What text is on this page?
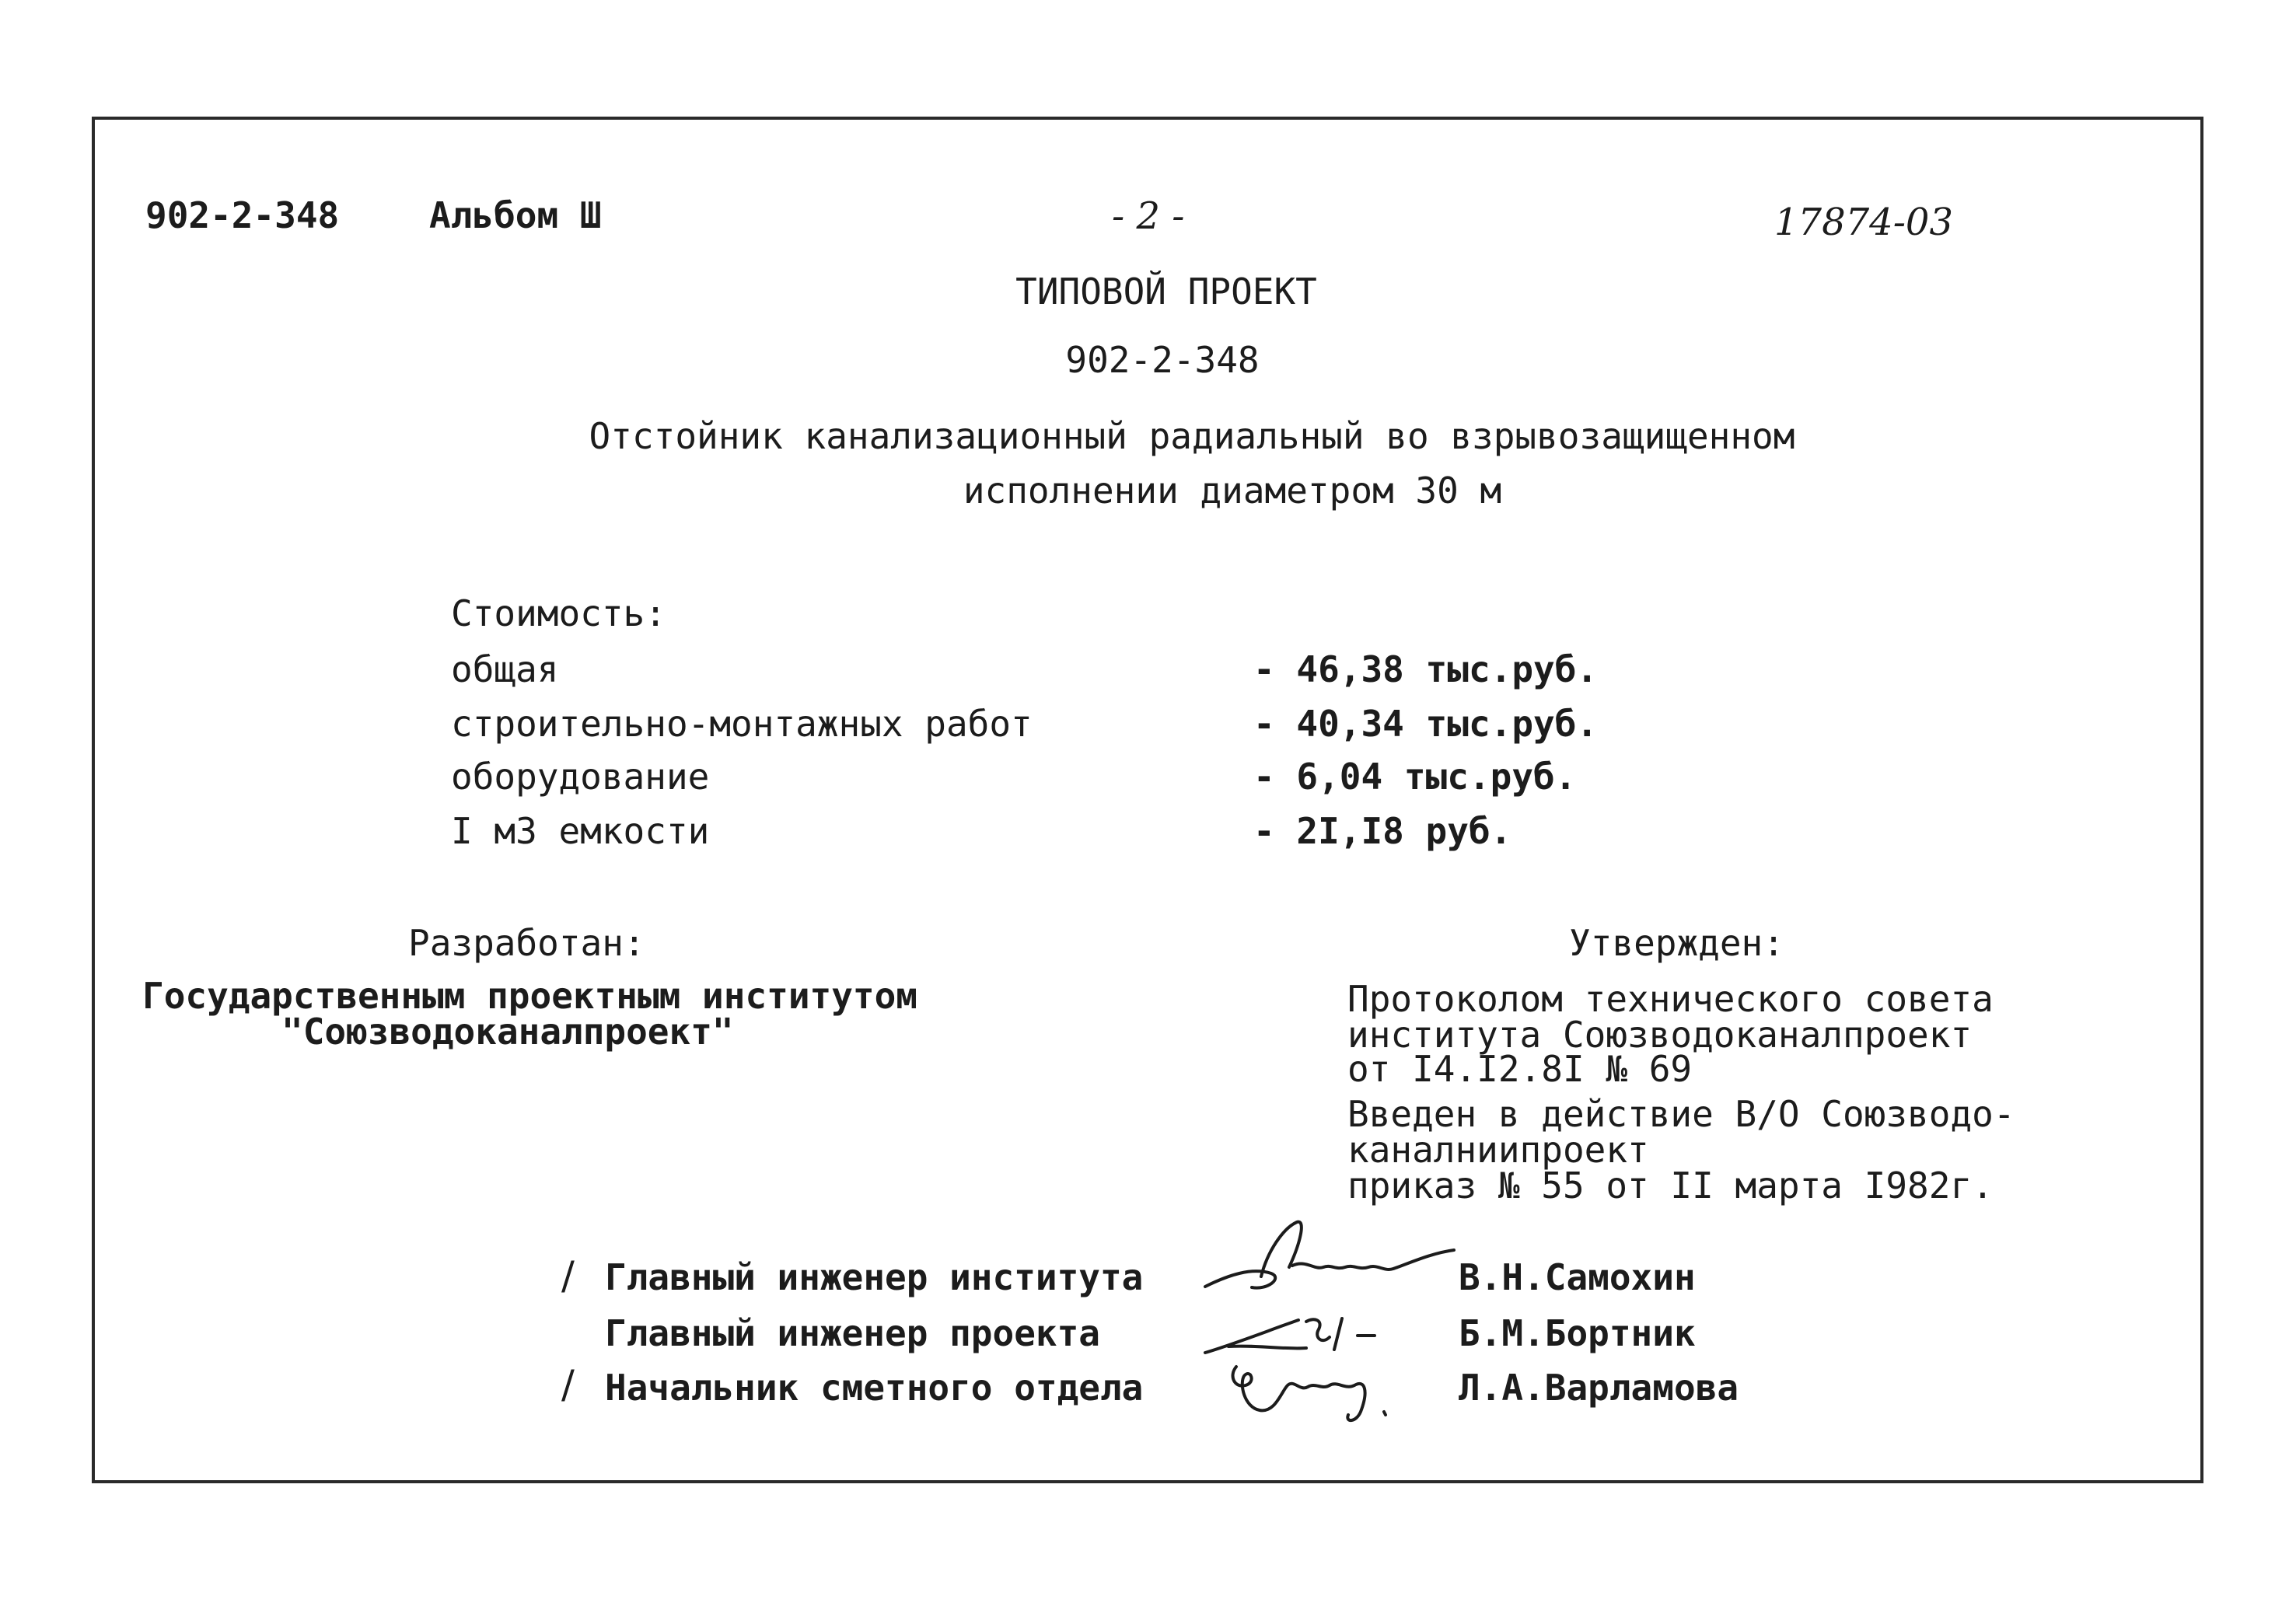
902-2-348	Альбом Ш	- 2 -	17874-03
ТИПОВОЙ ПРОЕКТ
902-2-348
Отстойник канализационный радиальный во взрывозащищенном
исполнении диаметром 30 м
Стоимость:
общая	- 46,38 тыс.руб.
строительно-монтажных работ	- 40,34 тыс.руб.
оборудование	- 6,04 тыс.руб.
I м3 емкости	- 2I,I8 руб.
Разработан:
Государственным проектным институтом
"Союзводоканалпроект"
Утвержден:
Протоколом технического совета
института Союзводоканалпроект
от I4.I2.8I № 69
Введен в действие В/О Союзводо-
каналниипроект
приказ № 55 от II марта I982г.
/ Главный инженер института	В.Н.Самохин
Главный инженер проекта	Б.М.Бортник
/ Начальник сметного отдела	Л.А.Варламова
